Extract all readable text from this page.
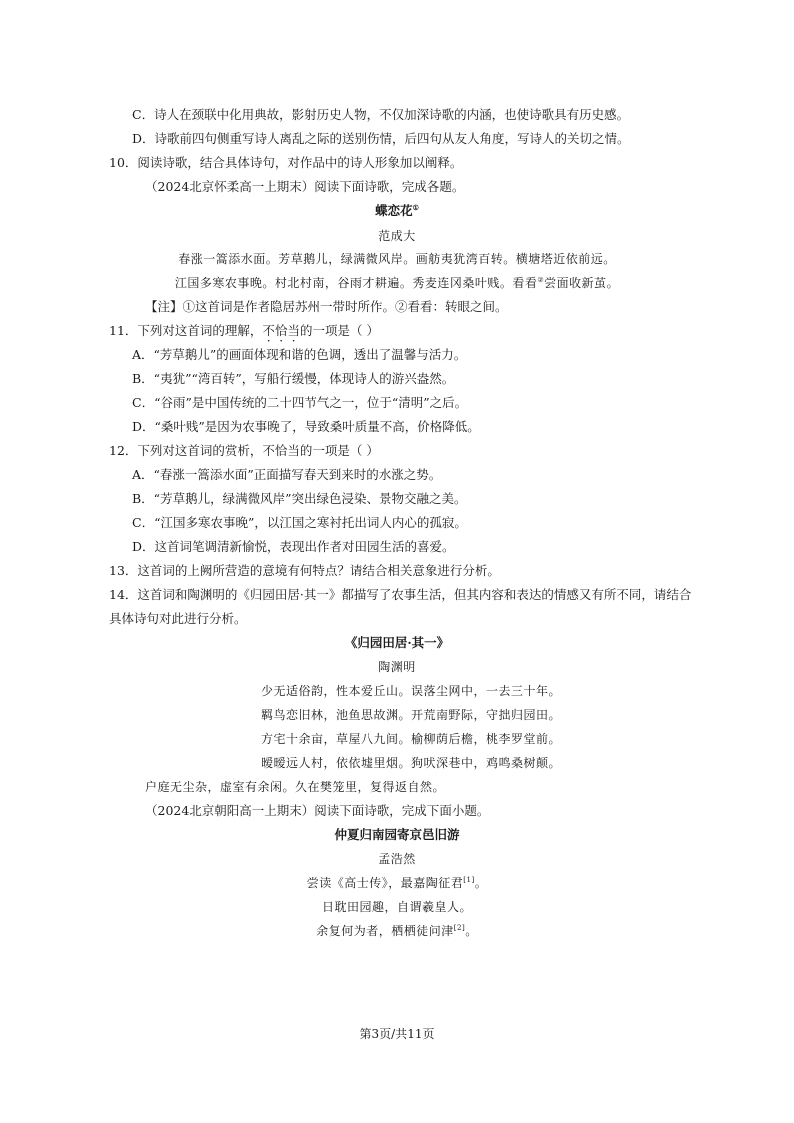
C．诗人在颈联中化用典故，影射历史人物，不仅加深诗歌的内涵，也使诗歌具有历史感。
D．诗歌前四句侧重写诗人离乱之际的送别伤情，后四句从友人角度，写诗人的关切之情。
10．阅读诗歌，结合具体诗句，对作品中的诗人形象加以阐释。
（2024北京怀柔高一上期末）阅读下面诗歌，完成各题。
蝶恋花①
范成大
春涨一篙添水面。芳草鹅儿，绿满微风岸。画舫夷犹湾百转。横塘塔近依前远。
江国多寒农事晚。村北村南，谷雨才耕遍。秀麦连冈桑叶贱。看看②尝面收新茧。
【注】①这首词是作者隐居苏州一带时所作。②看看：转眼之间。
11．下列对这首词的理解，不恰当的一项是（ ）
A．“芳草鹅儿”的画面体现和谐的色调，透出了温馨与活力。
B．“夷犹”“湾百转”，写船行缓慢，体现诗人的游兴盎然。
C．“谷雨”是中国传统的二十四节气之一，位于“清明”之后。
D．“桑叶贱”是因为农事晚了，导致桑叶质量不高，价格降低。
12．下列对这首词的赏析，不恰当的一项是（ ）
A．“春涨一篙添水面”正面描写春天到来时的水涨之势。
B．“芳草鹅儿，绿满微风岸”突出绿色浸染、景物交融之美。
C．“江国多寒农事晚”，以江国之寒衬托出词人内心的孤寂。
D．这首词笔调清新愉悦，表现出作者对田园生活的喜爱。
13．这首词的上阙所营造的意境有何特点？请结合相关意象进行分析。
14．这首词和陶渊明的《归园田居·其一》都描写了农事生活，但其内容和表达的情感又有所不同，请结合
具体诗句对此进行分析。
《归园田居·其一》
陶渊明
少无适俗韵，性本爱丘山。误落尘网中，一去三十年。
羁鸟恋旧林，池鱼思故渊。开荒南野际，守拙归园田。
方宅十余亩，草屋八九间。榆柳荫后檐，桃李罗堂前。
暧暧远人村，依依墟里烟。狗吠深巷中，鸡鸣桑树颠。
户庭无尘杂，虚室有余闲。久在樊笼里，复得返自然。
（2024北京朝阳高一上期末）阅读下面诗歌，完成下面小题。
仲夏归南园寄京邑旧游
孟浩然
尝读《高士传》，最嘉陶征君[1]。
日耽田园趣，自谓羲皇人。
余复何为者，栖栖徒问津[2]。
第3页/共11页
